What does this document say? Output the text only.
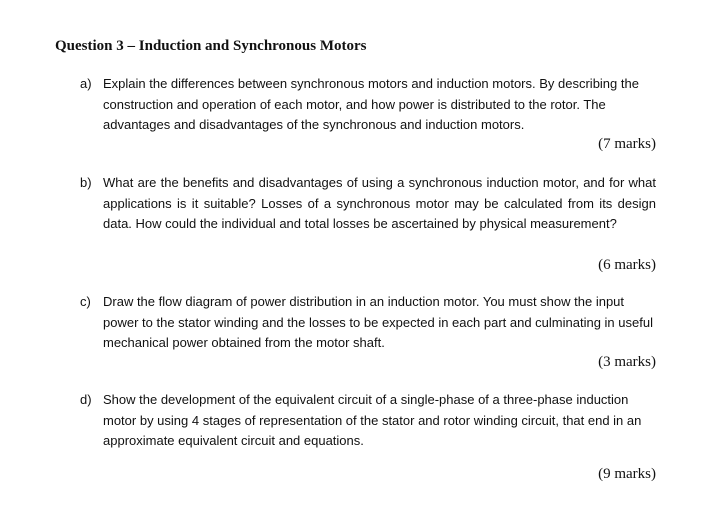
Question 3 – Induction and Synchronous Motors
a) Explain the differences between synchronous motors and induction motors. By describing the construction and operation of each motor, and how power is distributed to the rotor. The advantages and disadvantages of the synchronous and induction motors.
(7 marks)
b) What are the benefits and disadvantages of using a synchronous induction motor, and for what applications is it suitable? Losses of a synchronous motor may be calculated from its design data. How could the individual and total losses be ascertained by physical measurement?
(6 marks)
c) Draw the flow diagram of power distribution in an induction motor. You must show the input power to the stator winding and the losses to be expected in each part and culminating in useful mechanical power obtained from the motor shaft.
(3 marks)
d) Show the development of the equivalent circuit of a single-phase of a three-phase induction motor by using 4 stages of representation of the stator and rotor winding circuit, that end in an approximate equivalent circuit and equations.
(9 marks)
